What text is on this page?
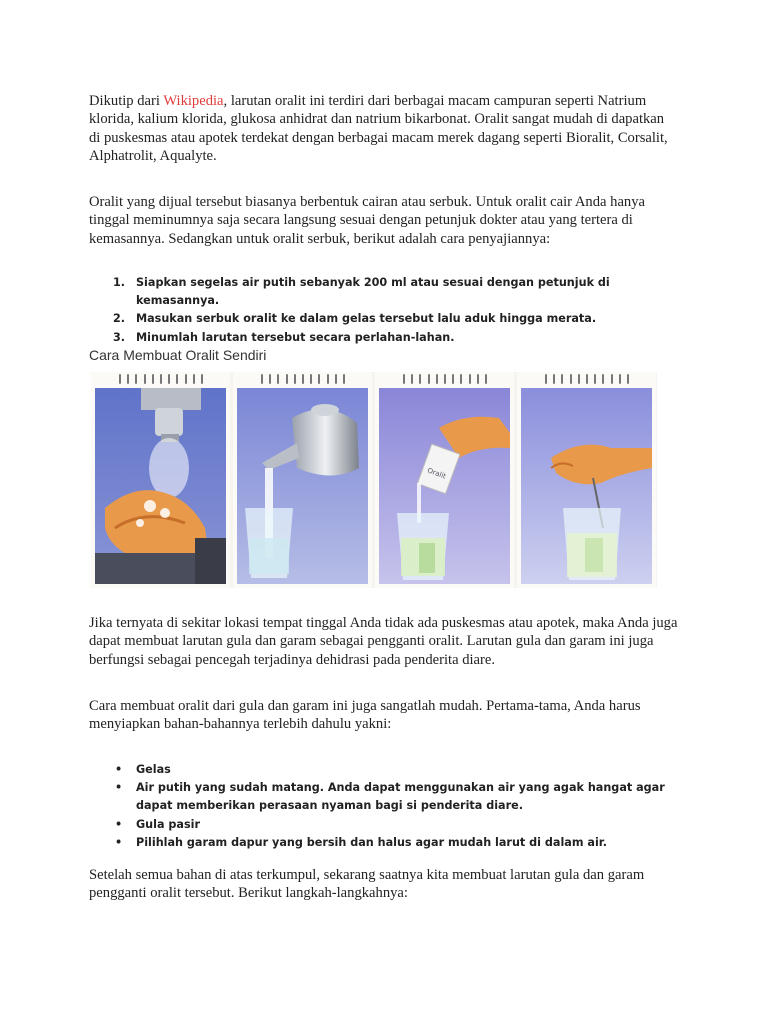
Dikutip dari Wikipedia, larutan oralit ini terdiri dari berbagai macam campuran seperti Natrium klorida, kalium klorida, glukosa anhidrat dan natrium bikarbonat. Oralit sangat mudah di dapatkan di puskesmas atau apotek terdekat dengan berbagai macam merek dagang seperti Bioralit, Corsalit, Alphatrolit, Aqualyte.

Oralit yang dijual tersebut biasanya berbentuk cairan atau serbuk. Untuk oralit cair Anda hanya tinggal meminumnya saja secara langsung sesuai dengan petunjuk dokter atau yang tertera di kemasannya. Sedangkan untuk oralit serbuk, berikut adalah cara penyajiannya:

1. Siapkan segelas air putih sebanyak 200 ml atau sesuai dengan petunjuk di kemasannya.
2. Masukan serbuk oralit ke dalam gelas tersebut lalu aduk hingga merata.
3. Minumlah larutan tersebut secara perlahan-lahan.
Cara Membuat Oralit Sendiri
Oralit

Jika ternyata di sekitar lokasi tempat tinggal Anda tidak ada puskesmas atau apotek, maka Anda juga dapat membuat larutan gula dan garam sebagai pengganti oralit. Larutan gula dan garam ini juga berfungsi sebagai pencegah terjadinya dehidrasi pada penderita diare.

Cara membuat oralit dari gula dan garam ini juga sangatlah mudah. Pertama-tama, Anda harus menyiapkan bahan-bahannya terlebih dahulu yakni:

• Gelas
• Air putih yang sudah matang. Anda dapat menggunakan air yang agak hangat agar dapat memberikan perasaan nyaman bagi si penderita diare.
• Gula pasir
• Pilihlah garam dapur yang bersih dan halus agar mudah larut di dalam air.

Setelah semua bahan di atas terkumpul, sekarang saatnya kita membuat larutan gula dan garam pengganti oralit tersebut. Berikut langkah-langkahnya:
